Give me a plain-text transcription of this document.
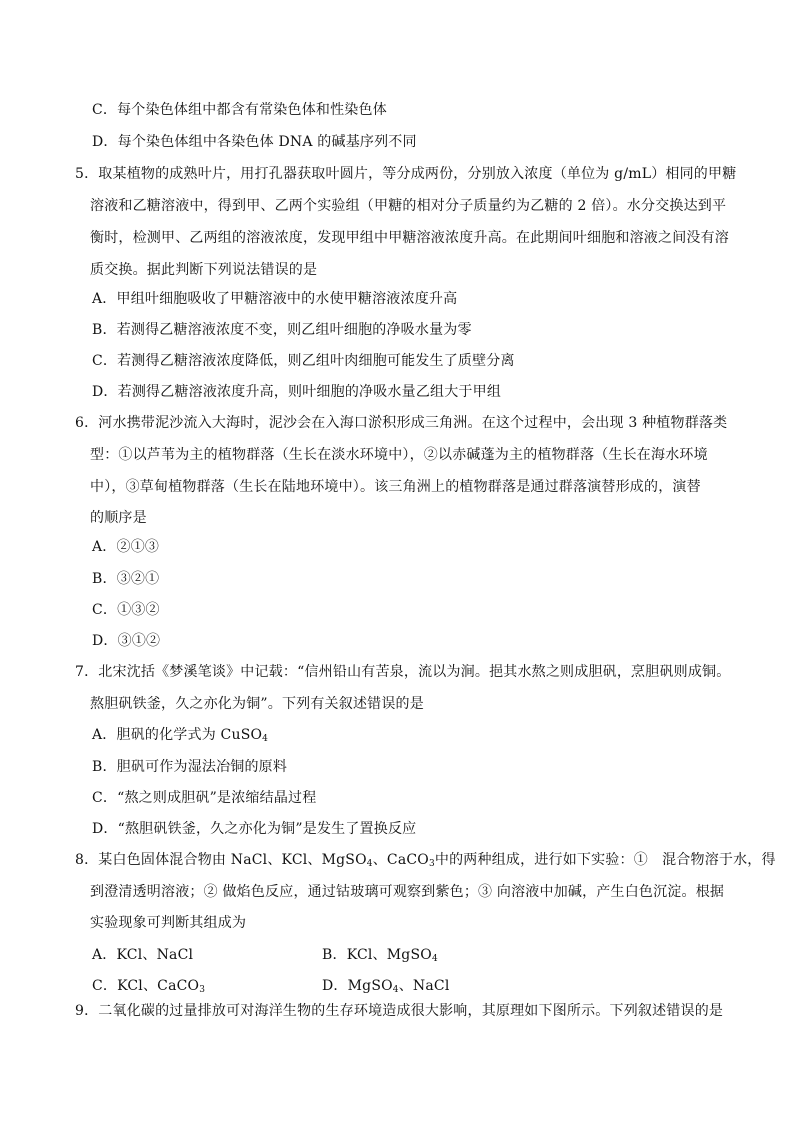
C．每个染色体组中都含有常染色体和性染色体
D．每个染色体组中各染色体 DNA 的碱基序列不同
5．取某植物的成熟叶片，用打孔器获取叶圆片，等分成两份，分别放入浓度（单位为 g/mL）相同的甲糖
溶液和乙糖溶液中，得到甲、乙两个实验组（甲糖的相对分子质量约为乙糖的 2 倍）。水分交换达到平
衡时，检测甲、乙两组的溶液浓度，发现甲组中甲糖溶液浓度升高。在此期间叶细胞和溶液之间没有溶
质交换。据此判断下列说法错误的是
A．甲组叶细胞吸收了甲糖溶液中的水使甲糖溶液浓度升高
B．若测得乙糖溶液浓度不变，则乙组叶细胞的净吸水量为零
C．若测得乙糖溶液浓度降低，则乙组叶肉细胞可能发生了质壁分离
D．若测得乙糖溶液浓度升高，则叶细胞的净吸水量乙组大于甲组
6．河水携带泥沙流入大海时，泥沙会在入海口淤积形成三角洲。在这个过程中，会出现 3 种植物群落类
型：①以芦苇为主的植物群落（生长在淡水环境中），②以赤碱蓬为主的植物群落（生长在海水环境
中），③草甸植物群落（生长在陆地环境中）。该三角洲上的植物群落是通过群落演替形成的，演替
的顺序是
A．②①③
B．③②①
C．①③②
D．③①②
7．北宋沈括《梦溪笔谈》中记载：“信州铅山有苦泉，流以为涧。挹其水熬之则成胆矾，烹胆矾则成铜。
熬胆矾铁釜，久之亦化为铜”。下列有关叙述错误的是
A．胆矾的化学式为 CuSO$_4$
B．胆矾可作为湿法冶铜的原料
C．“熬之则成胆矾”是浓缩结晶过程
D．“熬胆矾铁釜，久之亦化为铜”是发生了置换反应
8．某白色固体混合物由 NaCl、KCl、MgSO$_4$、CaCO$_3$中的两种组成，进行如下实验：①　混合物溶于水，得
到澄清透明溶液；② 做焰色反应，通过钴玻璃可观察到紫色；③ 向溶液中加碱，产生白色沉淀。根据
实验现象可判断其组成为
A．KCl、NaCl	B．KCl、MgSO$_4$
C．KCl、CaCO$_3$	D．MgSO$_4$、NaCl
9．二氧化碳的过量排放可对海洋生物的生存环境造成很大影响，其原理如下图所示。下列叙述错误的是
